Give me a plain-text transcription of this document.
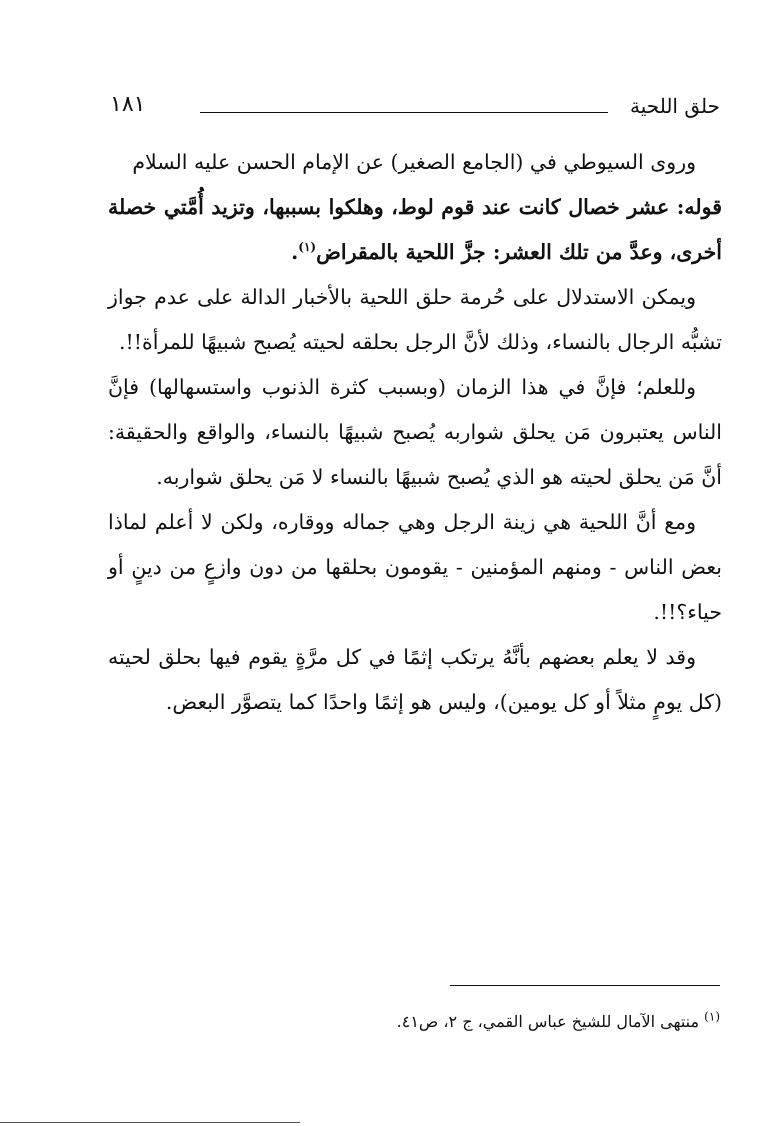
حلق اللحية
١٨١

وروى السيوطي في (الجامع الصغير) عن الإمام الحسن عليه السلام

قوله: عشر خصال كانت عند قوم لوط، وهلكوا بسببها، وتزيد أُمَّتي خصلة أخرى، وعدَّ من تلك العشر: جزَّ اللحية بالمقراض$^{(١)}$.

ويمكن الاستدلال على حُرمة حلق اللحية بالأخبار الدالة على عدم جواز تشبُّه الرجال بالنساء، وذلك لأنَّ الرجل بحلقه لحيته يُصبح شبيهًا للمرأة!!.

وللعلم؛ فإنَّ في هذا الزمان (وبسبب كثرة الذنوب واستسهالها) فإنَّ الناس يعتبرون مَن يحلق شواربه يُصبح شبيهًا بالنساء، والواقع والحقيقة: أنَّ مَن يحلق لحيته هو الذي يُصبح شبيهًا بالنساء لا مَن يحلق شواربه.

ومع أنَّ اللحية هي زينة الرجل وهي جماله ووقاره، ولكن لا أعلم لماذا بعض الناس - ومنهم المؤمنين - يقومون بحلقها من دون وازعٍ من دينٍ أو حياء؟!!.

وقد لا يعلم بعضهم بأنَّهُ يرتكب إثمًا في كل مرَّةٍ يقوم فيها بحلق لحيته (كل يومٍ مثلاً أو كل يومين)، وليس هو إثمًا واحدًا كما يتصوَّر البعض.

$^{(١)}$ منتهى الآمال للشيخ عباس القمي، ج ٢، ص٤١.
